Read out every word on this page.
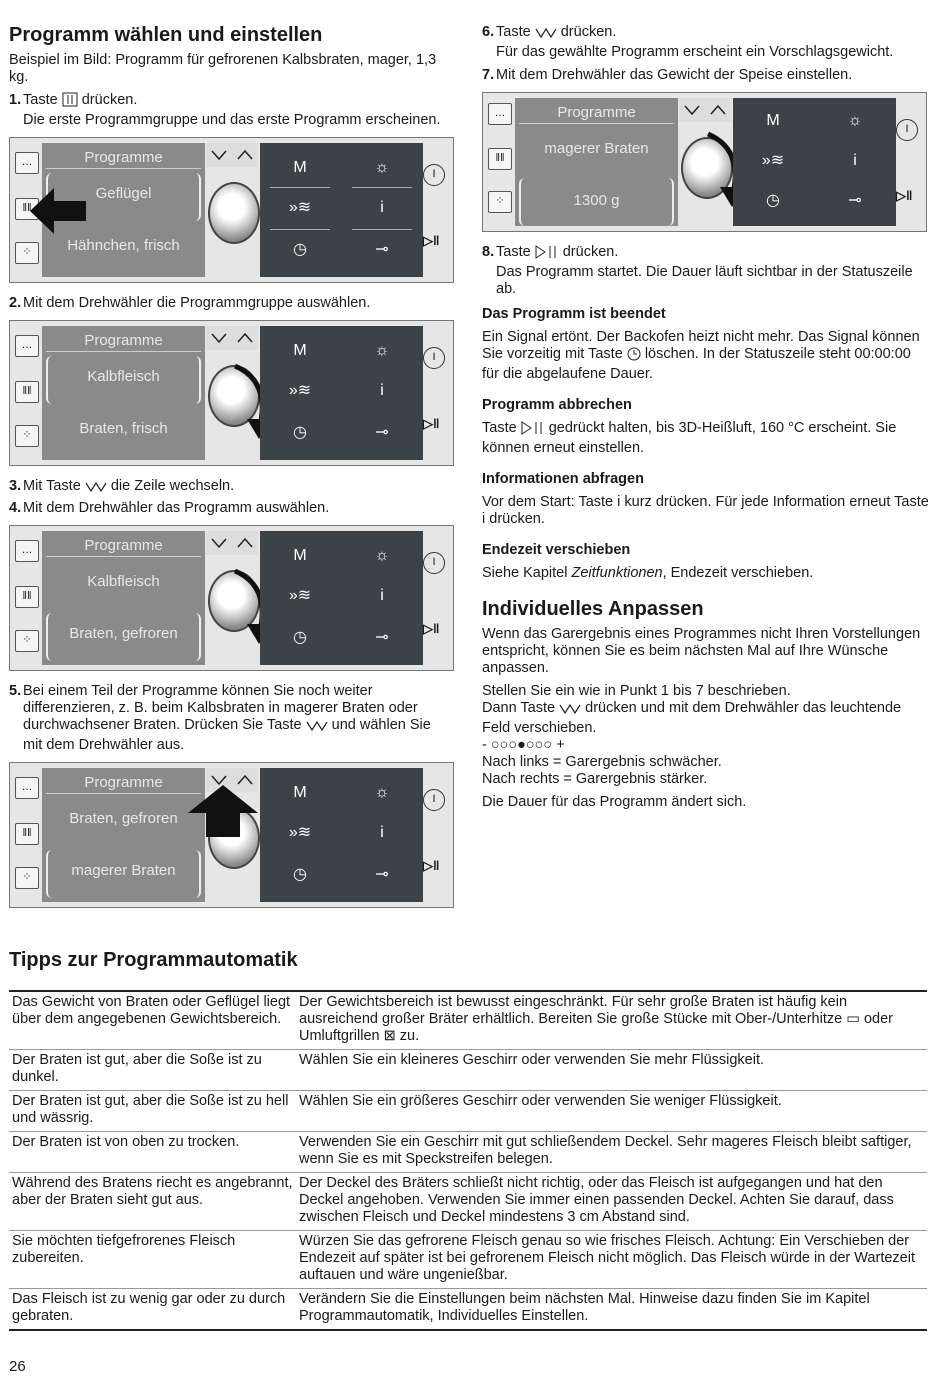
Programm wählen und einstellen

Beispiel im Bild: Programm für gefrorenen Kalbsbraten, mager, 1,3 kg.

1. Taste drücken.
Die erste Programmgruppe und das erste Programm erscheinen.
…
ǁǁ
⁘
Programme
Geflügel
Hähnchen, frisch
M	☼
»≋	i
◷	⊸
I
▷ǁ
2. Mit dem Drehwähler die Programmgruppe auswählen.
…
ǁǁ
⁘
Programme
Kalbfleisch
Braten, frisch
M	☼
»≋	i
◷	⊸
I
▷ǁ
3. Mit Taste die Zeile wechseln.
4. Mit dem Drehwähler das Programm auswählen.
…
ǁǁ
⁘
Programme
Kalbfleisch
Braten, gefroren
M	☼
»≋	i
◷	⊸
I
▷ǁ
5. Bei einem Teil der Programme können Sie noch weiter differenzieren, z. B. beim Kalbsbraten in magerer Braten oder durchwachsener Braten. Drücken Sie Taste und wählen Sie mit dem Drehwähler aus.
…
ǁǁ
⁘
Programme
Braten, gefroren
magerer Braten
M	☼
»≋	i
◷	⊸
I
▷ǁ
6. Taste drücken.
Für das gewählte Programm erscheint ein Vorschlagsgewicht.
7. Mit dem Drehwähler das Gewicht der Speise einstellen.
…
ǁǁ
⁘
Programme
magerer Braten
1300 g
M	☼
»≋	i
◷	⊸
I
▷ǁ
8. Taste drücken.
Das Programm startet. Die Dauer läuft sichtbar in der Statuszeile ab.
Das Programm ist beendet

Ein Signal ertönt. Der Backofen heizt nicht mehr. Das Signal können Sie vorzeitig mit Taste löschen. In der Statuszeile steht 00:00:00 für die abgelaufene Dauer.

Programm abbrechen

Taste gedrückt halten, bis 3D-Heißluft, 160 °C erscheint. Sie können erneut einstellen.

Informationen abfragen

Vor dem Start: Taste i kurz drücken. Für jede Information erneut Taste i drücken.

Endezeit verschieben

Siehe Kapitel Zeitfunktionen, Endezeit verschieben.

Individuelles Anpassen

Wenn das Garergebnis eines Programmes nicht Ihren Vorstellungen entspricht, können Sie es beim nächsten Mal auf Ihre Wünsche anpassen.

Stellen Sie ein wie in Punkt 1 bis 7 beschrieben.
Dann Taste drücken und mit dem Drehwähler das leuchtende Feld verschieben.

- ○○○●○○○ +
Nach links = Garergebnis schwächer.
Nach rechts = Garergebnis stärker.

Die Dauer für das Programm ändert sich.

Tipps zur Programmautomatik
Das Gewicht von Braten oder Geflügel liegt über dem angegebenen Gewichtsbereich.	Der Gewichtsbereich ist bewusst eingeschränkt. Für sehr große Braten ist häufig kein ausreichend großer Bräter erhältlich. Bereiten Sie große Stücke mit Ober-/Unterhitze ▭ oder Umluftgrillen ⊠ zu.
Der Braten ist gut, aber die Soße ist zu dunkel.	Wählen Sie ein kleineres Geschirr oder verwenden Sie mehr Flüssigkeit.
Der Braten ist gut, aber die Soße ist zu hell und wässrig.	Wählen Sie ein größeres Geschirr oder verwenden Sie weniger Flüssigkeit.
Der Braten ist von oben zu trocken.	Verwenden Sie ein Geschirr mit gut schließendem Deckel. Sehr mageres Fleisch bleibt saftiger, wenn Sie es mit Speckstreifen belegen.
Während des Bratens riecht es angebrannt, aber der Braten sieht gut aus.	Der Deckel des Bräters schließt nicht richtig, oder das Fleisch ist aufgegangen und hat den Deckel angehoben. Verwenden Sie immer einen passenden Deckel. Achten Sie darauf, dass zwischen Fleisch und Deckel mindestens 3 cm Abstand sind.
Sie möchten tiefgefrorenes Fleisch zubereiten.	Würzen Sie das gefrorene Fleisch genau so wie frisches Fleisch. Achtung: Ein Verschieben der Endezeit auf später ist bei gefrorenem Fleisch nicht möglich. Das Fleisch würde in der Wartezeit auftauen und wäre ungenießbar.
Das Fleisch ist zu wenig gar oder zu durch gebraten.	Verändern Sie die Einstellungen beim nächsten Mal. Hinweise dazu finden Sie im Kapitel Programmautomatik, Individuelles Einstellen.
26
